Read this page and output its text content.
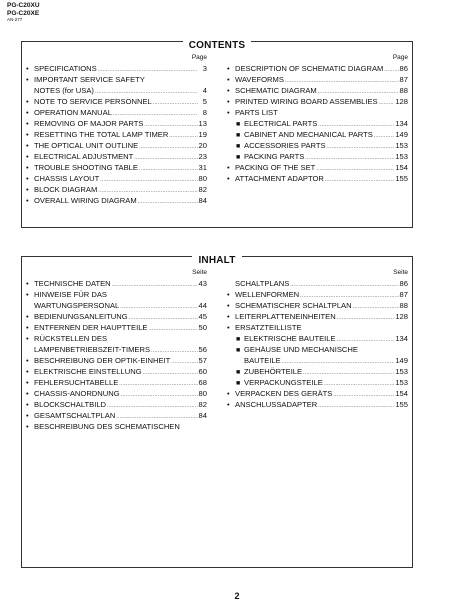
PG-C20XU
PG-C20XE
AN-277
CONTENTS
Page
• SPECIFICATIONS .....	3
• IMPORTANT SERVICE SAFETY
NOTES (for USA) .....	4
• NOTE TO SERVICE PERSONNEL .....	5
• OPERATION MANUAL .....	8
• REMOVING OF MAJOR PARTS .....	13
• RESETTING THE TOTAL LAMP TIMER .....	19
• THE OPTICAL UNIT OUTLINE .....	20
• ELECTRICAL ADJUSTMENT .....	23
• TROUBLE SHOOTING TABLE .....	31
• CHASSIS LAYOUT .....	80
• BLOCK DIAGRAM .....	82
• OVERALL WIRING DIAGRAM .....	84
Page
• DESCRIPTION OF SCHEMATIC DIAGRAM ..... 86
• WAVEFORMS .....	87
• SCHEMATIC DIAGRAM .....	88
• PRINTED WIRING BOARD ASSEMBLIES ..... 128
• PARTS LIST
■ ELECTRICAL PARTS .....	134
■ CABINET AND MECHANICAL PARTS .....	149
■ ACCESSORIES PARTS .....	153
■ PACKING PARTS .....	153
• PACKING OF THE SET .....	154
• ATTACHMENT ADAPTOR .....	155
INHALT
Seite
• TECHNISCHE DATEN .....	43
• HINWEISE FÜR DAS
WARTUNGSPERSONAL .....	44
• BEDIENUNGSANLEITUNG .....	45
• ENTFERNEN DER HAUPTTEILE .....	50
• RÜCKSTELLEN DES
LAMPENBETRIEBSZEIT-TIMERS .....	56
• BESCHREIBUNG DER OPTIK-EINHEIT .....	57
• ELEKTRISCHE EINSTELLUNG .....	60
• FEHLERSUCHTABELLE .....	68
• CHASSIS-ANORDNUNG .....	80
• BLOCKSCHALTBILD .....	82
• GESAMTSCHALTPLAN .....	84
• BESCHREIBUNG DES SCHEMATISCHEN
Seite
SCHALTPLANS .....	86
• WELLENFORMEN .....	87
• SCHEMATISCHER SCHALTPLAN .....	88
• LEITERPLATTENEINHEITEN .....	128
• ERSATZTEILLISTE
■ ELEKTRISCHE BAUTEILE .....	134
■ GEHÄUSE UND MECHANISCHE
BAUTEILE .....	149
■ ZUBEHÖRTEILE .....	153
■ VERPACKUNGSTEILE .....	153
• VERPACKEN DES GERÄTS .....	154
• ANSCHLUSSADAPTER .....	155
2
